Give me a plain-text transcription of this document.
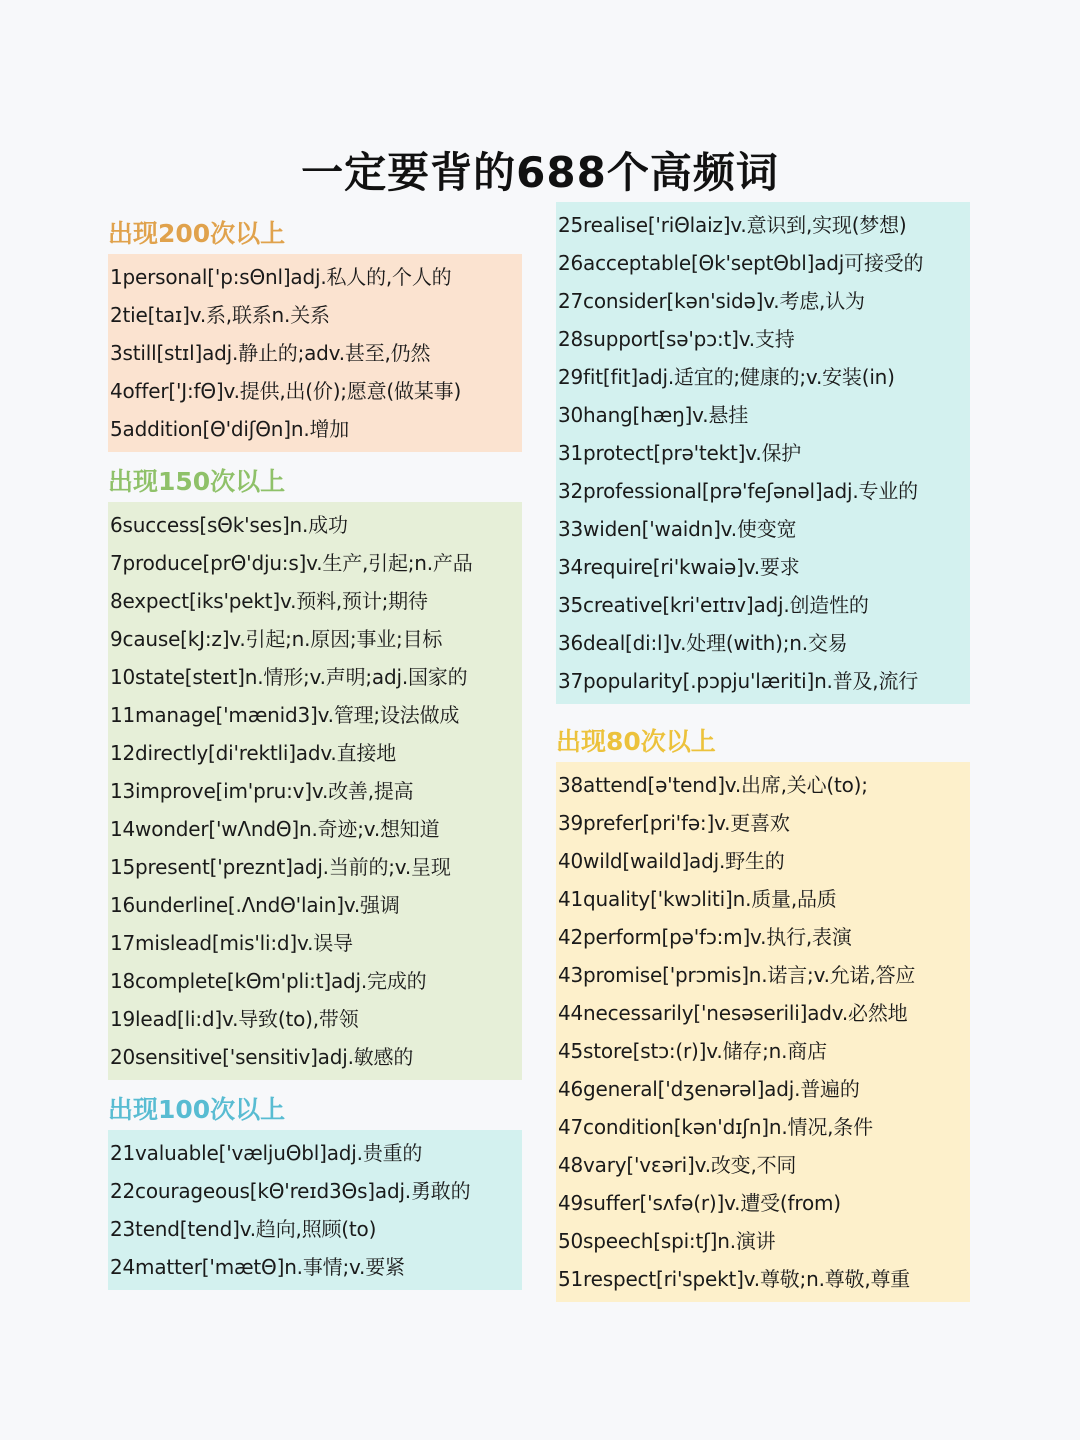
一定要背的688个高频词
出现200次以上
1personal['p:sΘnl]adj.私人的,个人的
2tie[taɪ]v.系,联系n.关系
3still[stɪl]adj.静止的;adv.甚至,仍然
4offer['J:fΘ]v.提供,出(价);愿意(做某事)
5addition[Θ'diʃΘn]n.增加
出现150次以上
6success[sΘk'ses]n.成功
7produce[prΘ'dju:s]v.生产,引起;n.产品
8expect[iks'pekt]v.预料,预计;期待
9cause[kJ:z]v.引起;n.原因;事业;目标
10state[steɪt]n.情形;v.声明;adj.国家的
11manage['mænid3]v.管理;设法做成
12directly[di'rektli]adv.直接地
13improve[im'pru:v]v.改善,提高
14wonder['wΛndΘ]n.奇迹;v.想知道
15present['preznt]adj.当前的;v.呈现
16underline[.ΛndΘ'lain]v.强调
17mislead[mis'li:d]v.误导
18complete[kΘm'pli:t]adj.完成的
19lead[li:d]v.导致(to),带领
20sensitive['sensitiv]adj.敏感的
出现100次以上
21valuable['væljuΘbl]adj.贵重的
22courageous[kΘ'reɪd3Θs]adj.勇敢的
23tend[tend]v.趋向,照顾(to)
24matter['mætΘ]n.事情;v.要紧
25realise['riΘlaiz]v.意识到,实现(梦想)
26acceptable[Θk'septΘbl]adj可接受的
27consider[kən'sidə]v.考虑,认为
28support[sə'pɔ:t]v.支持
29fit[fit]adj.适宜的;健康的;v.安装(in)
30hang[hæŋ]v.悬挂
31protect[prə'tekt]v.保护
32professional[prə'feʃənəl]adj.专业的
33widen['waidn]v.使变宽
34require[ri'kwaiə]v.要求
35creative[kri'eɪtɪv]adj.创造性的
36deal[di:l]v.处理(with);n.交易
37popularity[.pɔpju'læriti]n.普及,流行
出现80次以上
38attend[ə'tend]v.出席,关心(to);
39prefer[pri'fə:]v.更喜欢
40wild[waild]adj.野生的
41quality['kwɔliti]n.质量,品质
42perform[pə'fɔ:m]v.执行,表演
43promise['prɔmis]n.诺言;v.允诺,答应
44necessarily['nesəserili]adv.必然地
45store[stɔ:(r)]v.储存;n.商店
46general['dʒenərəl]adj.普遍的
47condition[kən'dɪʃn]n.情况,条件
48vary['vɛəri]v.改变,不同
49suffer['sʌfə(r)]v.遭受(from)
50speech[spi:tʃ]n.演讲
51respect[ri'spekt]v.尊敬;n.尊敬,尊重
